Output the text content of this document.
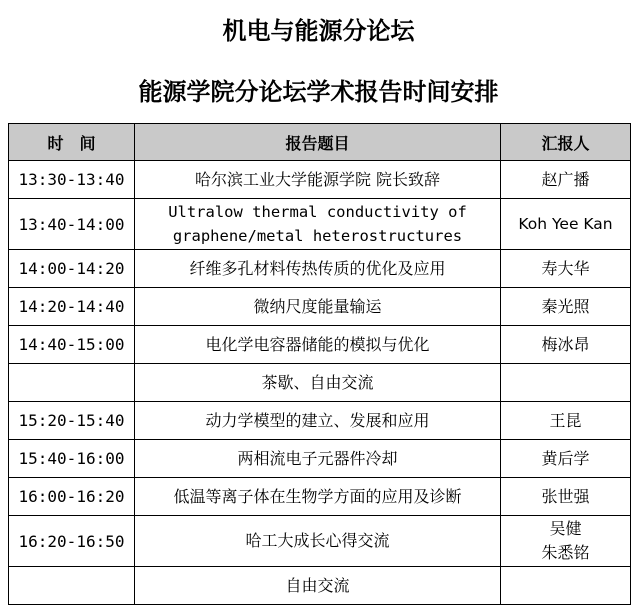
机电与能源分论坛
能源学院分论坛学术报告时间安排
时　间	报告题目	汇报人
13:30-13:40	哈尔滨工业大学能源学院 院长致辞	赵广播

13:40-14:00	Ultralow thermal conductivity of
graphene/metal heterostructures	Koh Yee Kan

14:00-14:20	纤维多孔材料传热传质的优化及应用	寿大华

14:20-14:40	微纳尺度能量输运	秦光照

14:40-15:00	电化学电容器储能的模拟与优化	梅冰昂

	茶歇、自由交流	

15:20-15:40	动力学模型的建立、发展和应用	王昆

15:40-16:00	两相流电子元器件冷却	黄后学

16:00-16:20	低温等离子体在生物学方面的应用及诊断	张世强

16:20-16:50	哈工大成长心得交流	吴健
朱悉铭

	自由交流	
